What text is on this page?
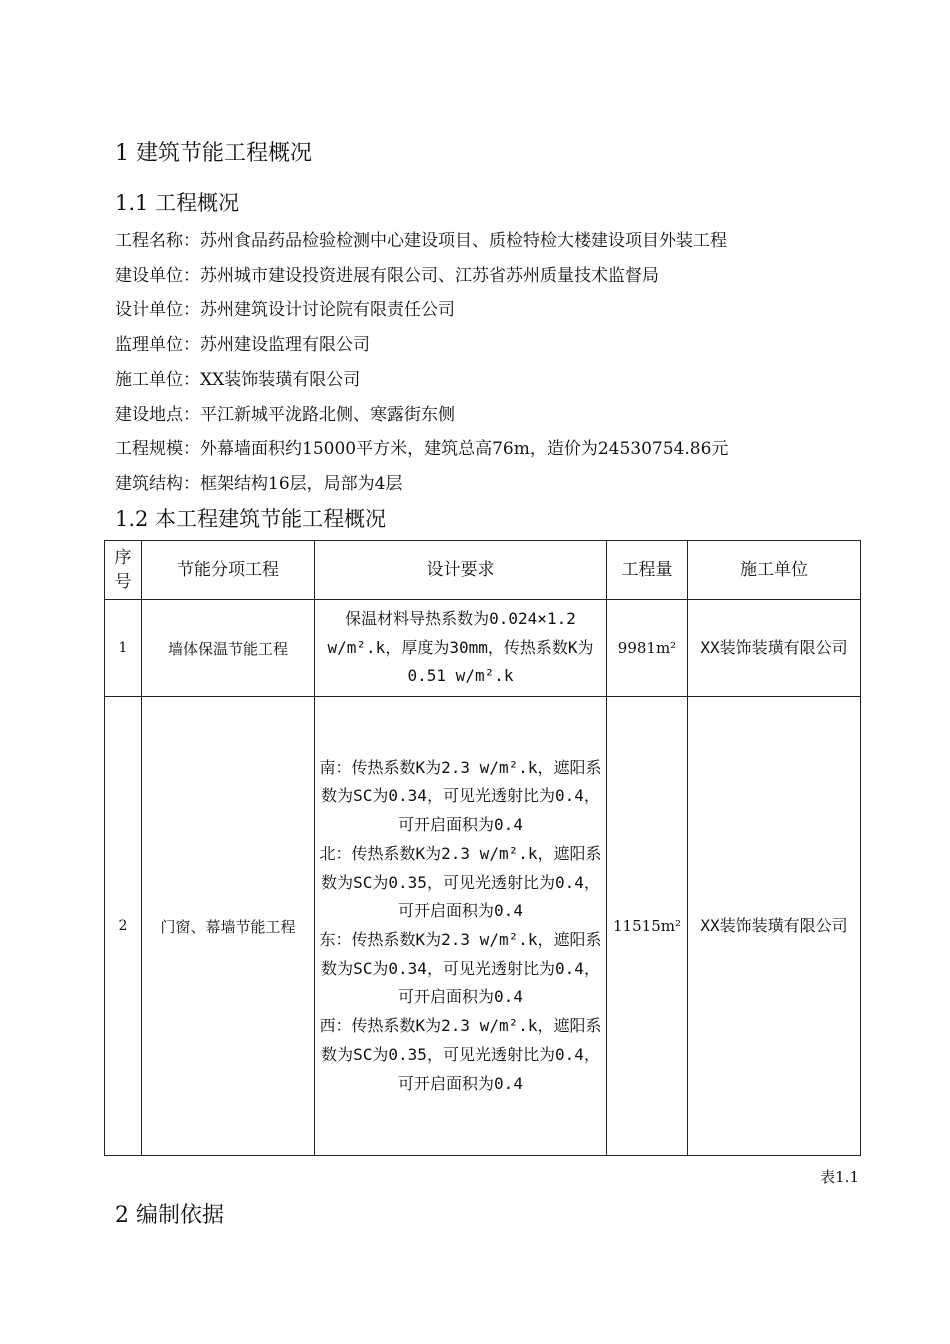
1 建筑节能工程概况
1.1 工程概况
工程名称：苏州食品药品检验检测中心建设项目、质检特检大楼建设项目外装工程
建设单位：苏州城市建设投资进展有限公司、江苏省苏州质量技术监督局
设计单位：苏州建筑设计讨论院有限责任公司
监理单位：苏州建设监理有限公司
施工单位：XX装饰装璜有限公司
建设地点：平江新城平泷路北侧、寒露街东侧
工程规模：外幕墙面积约15000平方米，建筑总高76m，造价为24530754.86元
建筑结构：框架结构16层，局部为4层
1.2 本工程建筑节能工程概况
序号	节能分项工程	设计要求	工程量	施工单位
1	墙体保温节能工程	保温材料导热系数为0.024×1.2 w/m².k，厚度为30mm，传热系数K为0.51 w/m².k	9981m²	XX装饰装璜有限公司
2	门窗、幕墙节能工程	南：传热系数K为2.3 w/m².k，遮阳系数为SC为0.34，可见光透射比为0.4，可开启面积为0.4
北：传热系数K为2.3 w/m².k，遮阳系数为SC为0.35，可见光透射比为0.4，可开启面积为0.4
东：传热系数K为2.3 w/m².k，遮阳系数为SC为0.34，可见光透射比为0.4，可开启面积为0.4
西：传热系数K为2.3 w/m².k，遮阳系数为SC为0.35，可见光透射比为0.4，可开启面积为0.4	11515m²	XX装饰装璜有限公司
表1.1
2 编制依据
